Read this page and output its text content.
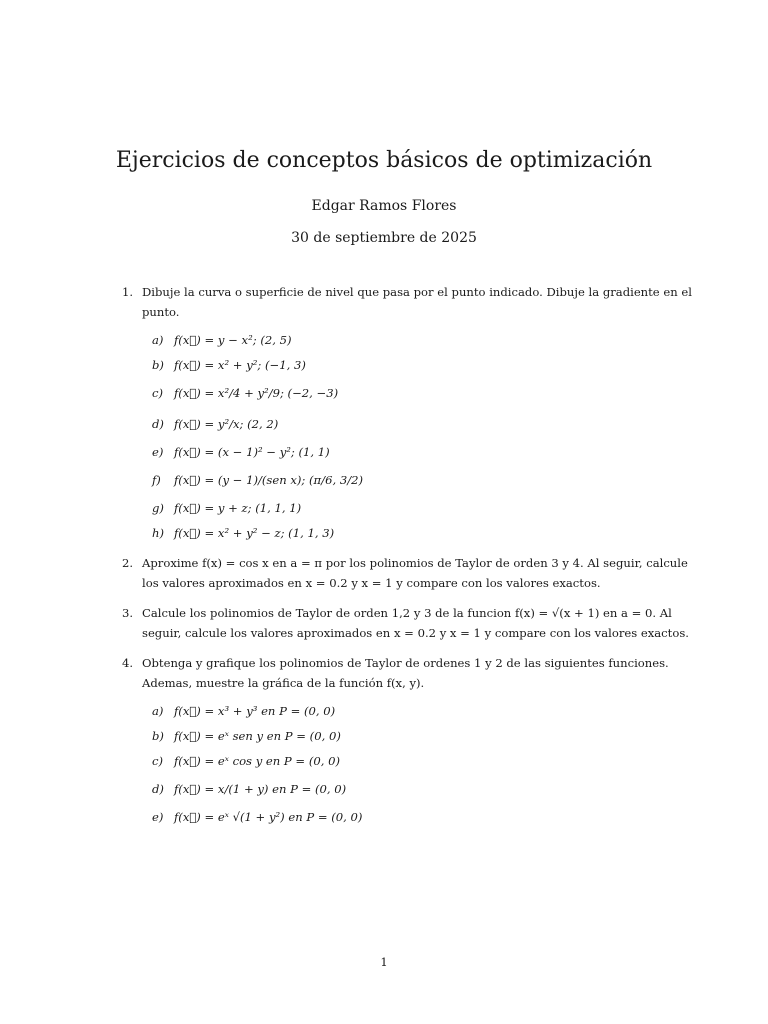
Ejercicios de conceptos básicos de optimización
Edgar Ramos Flores
30 de septiembre de 2025
1. Dibuje la curva o superficie de nivel que pasa por el punto indicado. Dibuje la gradiente en el punto.
a) f(x⃗) = y − x²; (2, 5)
b) f(x⃗) = x² + y²; (−1, 3)
c) f(x⃗) = x²/4 + y²/9; (−2, −3)
d) f(x⃗) = y²/x; (2, 2)
e) f(x⃗) = (x − 1)² − y²; (1, 1)
f) f(x⃗) = (y − 1)/(sen x); (π/6, 3/2)
g) f(x⃗) = y + z; (1, 1, 1)
h) f(x⃗) = x² + y² − z; (1, 1, 3)
2. Aproxime f(x) = cos x en a = π por los polinomios de Taylor de orden 3 y 4. Al seguir, calcule los valores aproximados en x = 0.2 y x = 1 y compare con los valores exactos.
3. Calcule los polinomios de Taylor de orden 1,2 y 3 de la funcion f(x) = √(x + 1) en a = 0. Al seguir, calcule los valores aproximados en x = 0.2 y x = 1 y compare con los valores exactos.
4. Obtenga y grafique los polinomios de Taylor de ordenes 1 y 2 de las siguientes funciones. Ademas, muestre la gráfica de la función f(x, y).
a) f(x⃗) = x³ + y³ en P = (0, 0)
b) f(x⃗) = eˣ sen y en P = (0, 0)
c) f(x⃗) = eˣ cos y en P = (0, 0)
d) f(x⃗) = x/(1 + y) en P = (0, 0)
e) f(x⃗) = eˣ √(1 + y²) en P = (0, 0)
1
